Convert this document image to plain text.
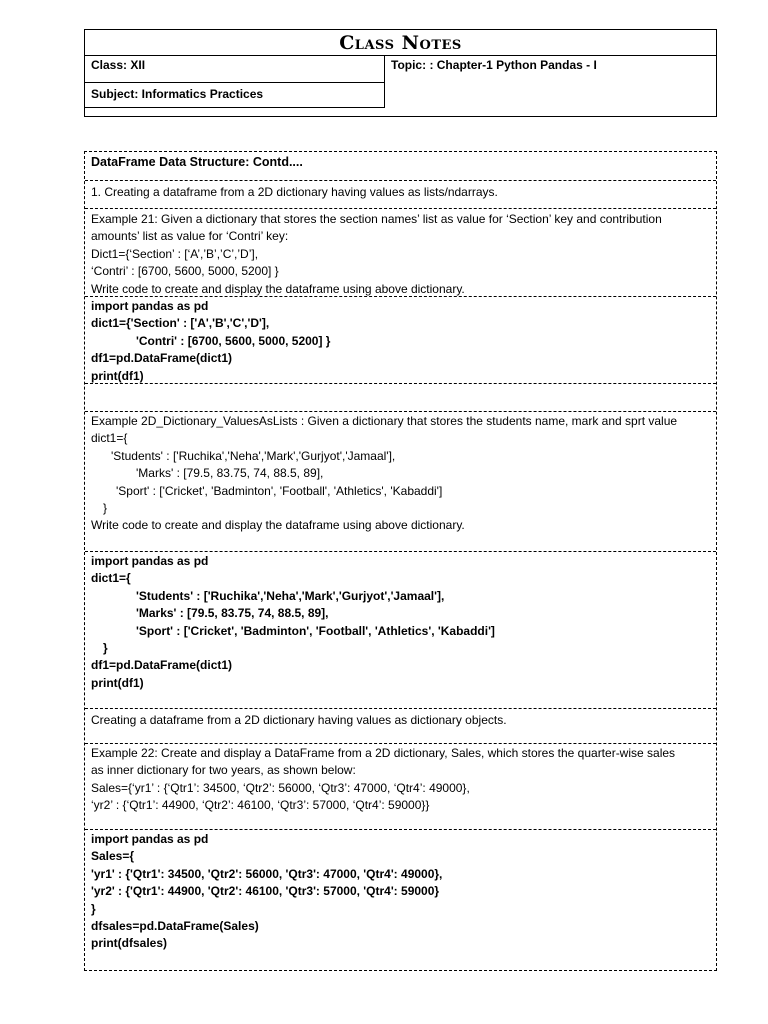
Class Notes
Class: XII
Subject: Informatics Practices
Topic: : Chapter-1 Python Pandas - I
DataFrame Data Structure: Contd....
1. Creating a dataframe from a 2D dictionary having values as lists/ndarrays.
Example 21: Given a dictionary that stores the section names’ list as value for ‘Section’ key and contribution
amounts’ list as value for ‘Contri’ key:
Dict1={‘Section’ : [‘A’,’B’,’C’,’D’],
‘Contri’ : [6700, 5600, 5000, 5200] }
Write code to create and display the dataframe using above dictionary.
import pandas as pd
dict1={'Section' : ['A','B','C','D'],
'Contri' : [6700, 5600, 5000, 5200] }
df1=pd.DataFrame(dict1)
print(df1)
Example 2D_Dictionary_ValuesAsLists : Given a dictionary that stores the students name, mark and sprt value
dict1={
'Students' : ['Ruchika','Neha','Mark','Gurjyot','Jamaal'],
'Marks' : [79.5, 83.75, 74, 88.5, 89],
'Sport' : ['Cricket', 'Badminton', 'Football', 'Athletics', 'Kabaddi']
}
Write code to create and display the dataframe using above dictionary.
import pandas as pd
dict1={
'Students' : ['Ruchika','Neha','Mark','Gurjyot','Jamaal'],
'Marks' : [79.5, 83.75, 74, 88.5, 89],
'Sport' : ['Cricket', 'Badminton', 'Football', 'Athletics', 'Kabaddi']
}
df1=pd.DataFrame(dict1)
print(df1)
Creating a dataframe from a 2D dictionary having values as dictionary objects.
Example 22: Create and display a DataFrame from a 2D dictionary, Sales, which stores the quarter-wise sales
as inner dictionary for two years, as shown below:
Sales={‘yr1’ : {‘Qtr1’: 34500, ‘Qtr2’: 56000, ‘Qtr3’: 47000, ‘Qtr4’: 49000},
‘yr2’ : {‘Qtr1’: 44900, ‘Qtr2’: 46100, ‘Qtr3’: 57000, ‘Qtr4’: 59000}}
import pandas as pd
Sales={
'yr1' : {'Qtr1': 34500, 'Qtr2': 56000, 'Qtr3': 47000, 'Qtr4': 49000},
'yr2' : {'Qtr1': 44900, 'Qtr2': 46100, 'Qtr3': 57000, 'Qtr4': 59000}
}
dfsales=pd.DataFrame(Sales)
print(dfsales)
